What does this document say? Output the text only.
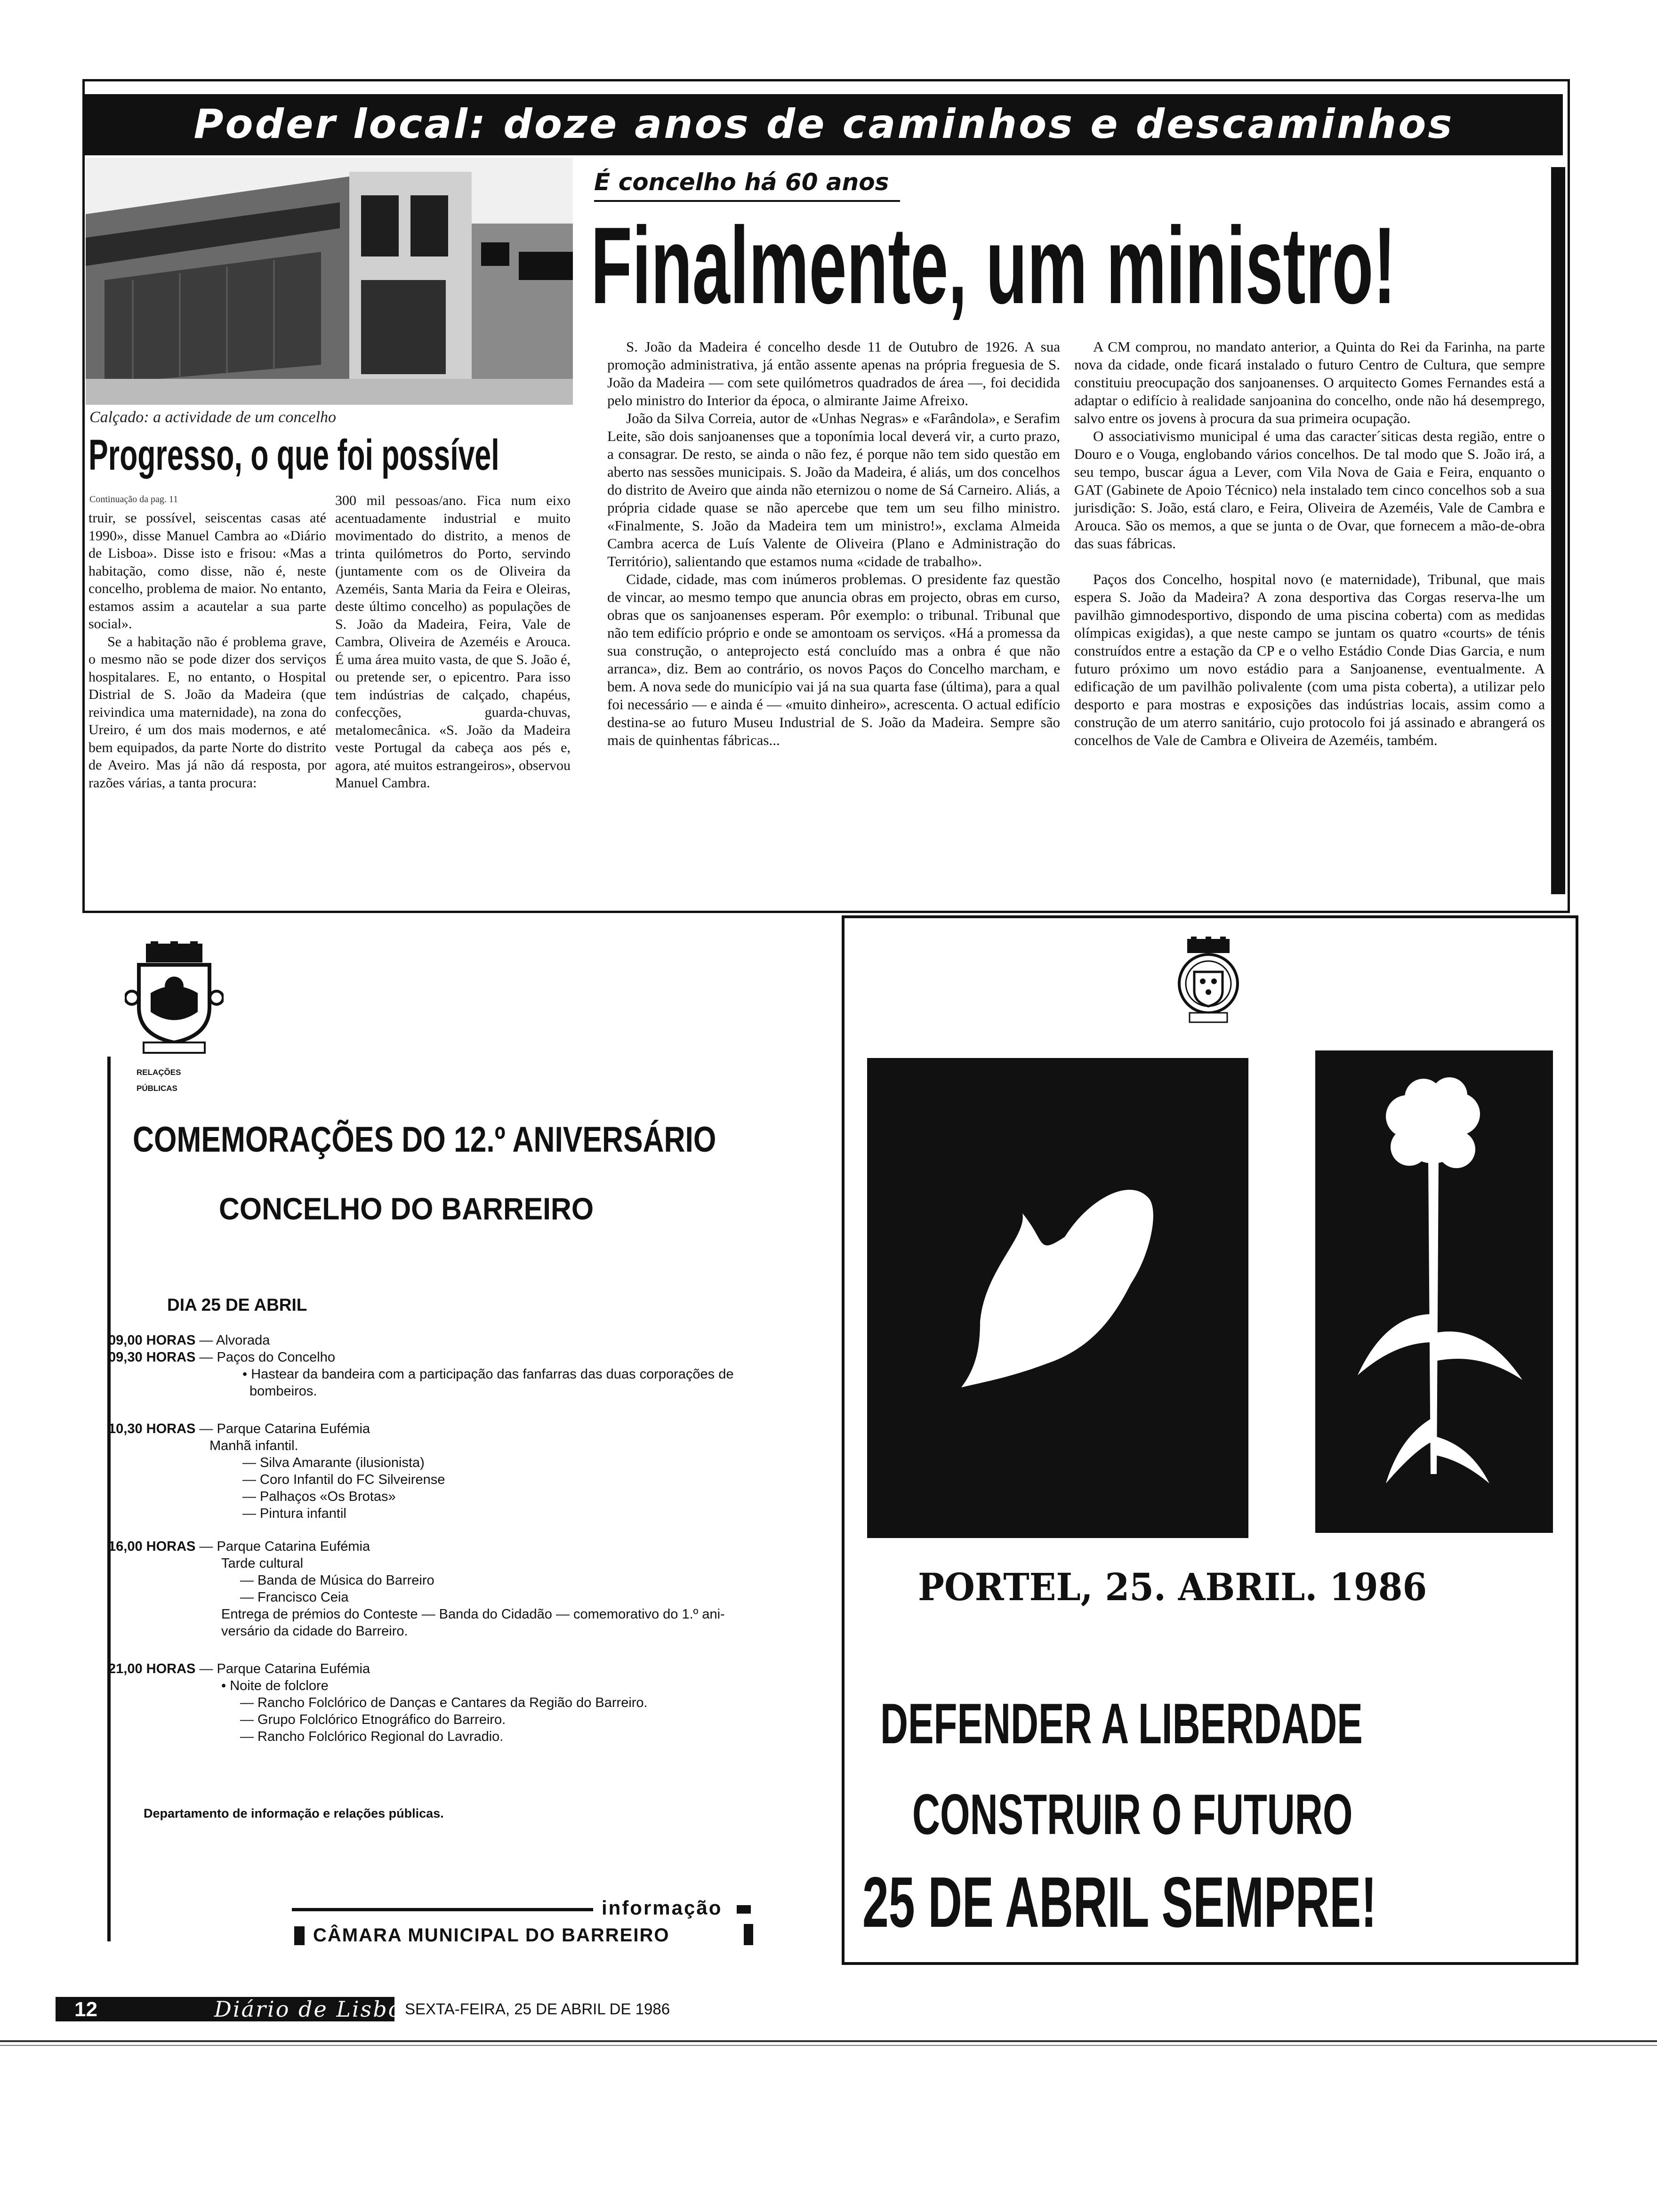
Poder local: doze anos de caminhos e descaminhos
Calçado: a actividade de um concelho
Progresso, o que foi possível
Continuação da pag. 11

truir, se possível, seiscentas casas até 1990», disse Manuel Cambra ao «Diário de Lisboa». Disse isto e frisou: «Mas a habitação, como disse, não é, neste concelho, problema de maior. No entanto, estamos assim a acautelar a sua parte social».

Se a habitação não é problema grave, o mesmo não se pode dizer dos serviços hospitalares. E, no entanto, o Hospital Distrial de S. João da Madeira (que reivindica uma maternidade), na zona do Ureiro, é um dos mais modernos, e até bem equipados, da parte Norte do distrito de Aveiro. Mas já não dá resposta, por razões várias, a tanta procura:

300 mil pessoas/ano. Fica num eixo acentuadamente industrial e muito movimentado do distrito, a menos de trinta quilómetros do Porto, servindo (juntamente com os de Oliveira da Azeméis, Santa Maria da Feira e Oleiras, deste último concelho) as populações de S. João da Madeira, Feira, Vale de Cambra, Oliveira de Azeméis e Arouca. É uma área muito vasta, de que S. João é, ou pretende ser, o epicentro. Para isso tem indústrias de calçado, chapéus, confecções, guarda-chuvas, metalomecânica. «S. João da Madeira veste Portugal da cabeça aos pés e, agora, até muitos estrangeiros», observou Manuel Cambra.

É concelho há 60 anos
Finalmente, um ministro!

S. João da Madeira é concelho desde 11 de Outubro de 1926. A sua promoção administrativa, já então assente apenas na própria freguesia de S. João da Madeira — com sete quilómetros quadrados de área —, foi decidida pelo ministro do Interior da época, o almirante Jaime Afreixo.

João da Silva Correia, autor de «Unhas Negras» e «Farândola», e Serafim Leite, são dois sanjoanenses que a toponímia local deverá vir, a curto prazo, a consagrar. De resto, se ainda o não fez, é porque não tem sido questão em aberto nas sessões municipais. S. João da Madeira, é aliás, um dos concelhos do distrito de Aveiro que ainda não eternizou o nome de Sá Carneiro. Aliás, a própria cidade quase se não apercebe que tem um seu filho ministro. «Finalmente, S. João da Madeira tem um ministro!», exclama Almeida Cambra acerca de Luís Valente de Oliveira (Plano e Administração do Território), salientando que estamos numa «cidade de trabalho».

Cidade, cidade, mas com inúmeros problemas. O presidente faz questão de vincar, ao mesmo tempo que anuncia obras em projecto, obras em curso, obras que os sanjoanenses esperam. Pôr exemplo: o tribunal. Tribunal que não tem edifício próprio e onde se amontoam os serviços. «Há a promessa da sua construção, o anteprojecto está concluído mas a onbra é que não arranca», diz. Bem ao contrário, os novos Paços do Concelho marcham, e bem. A nova sede do município vai já na sua quarta fase (última), para a qual foi necessário — e ainda é — «muito dinheiro», acrescenta. O actual edifício destina-se ao futuro Museu Industrial de S. João da Madeira. Sempre são mais de quinhentas fábricas...

A CM comprou, no mandato anterior, a Quinta do Rei da Farinha, na parte nova da cidade, onde ficará instalado o futuro Centro de Cultura, que sempre constituiu preocupação dos sanjoanenses. O arquitecto Gomes Fernandes está a adaptar o edifício à realidade sanjoanina do concelho, onde não há desemprego, salvo entre os jovens à procura da sua primeira ocupação.

O associativismo municipal é uma das caracter´siticas desta região, entre o Douro e o Vouga, englobando vários concelhos. De tal modo que S. João irá, a seu tempo, buscar água a Lever, com Vila Nova de Gaia e Feira, enquanto o GAT (Gabinete de Apoio Técnico) nela instalado tem cinco concelhos sob a sua jurisdição: S. João, está claro, e Feira, Oliveira de Azeméis, Vale de Cambra e Arouca. São os memos, a que se junta o de Ovar, que fornecem a mão-de-obra das suas fábricas.

Paços dos Concelho, hospital novo (e maternidade), Tribunal, que mais espera S. João da Madeira? A zona desportiva das Corgas reserva-lhe um pavilhão gimnodesportivo, dispondo de uma piscina coberta) com as medidas olímpicas exigidas), a que neste campo se juntam os quatro «courts» de ténis construídos entre a estação da CP e o velho Estádio Conde Dias Garcia, e num futuro próximo um novo estádio para a Sanjoanense, eventualmente. A edificação de um pavilhão polivalente (com uma pista coberta), a utilizar pelo desporto e para mostras e exposições das indústrias locais, assim como a construção de um aterro sanitário, cujo protocolo foi já assinado e abrangerá os concelhos de Vale de Cambra e Oliveira de Azeméis, também.

RELAÇÕES
PÚBLICAS
COMEMORAÇÕES DO 12.º ANIVERSÁRIO
CONCELHO DO BARREIRO
DIA 25 DE ABRIL
09,00 HORAS — Alvorada
09,30 HORAS — Paços do Concelho
• Hastear da bandeira com a participação das fanfarras das duas corporações de
bombeiros.
10,30 HORAS — Parque Catarina Eufémia
Manhã infantil.
— Silva Amarante (ilusionista)
— Coro Infantil do FC Silveirense
— Palhaços «Os Brotas»
— Pintura infantil
16,00 HORAS — Parque Catarina Eufémia
Tarde cultural
— Banda de Música do Barreiro
— Francisco Ceia
Entrega de prémios do Conteste — Banda do Cidadão — comemorativo do 1.º ani-
versário da cidade do Barreiro.
21,00 HORAS — Parque Catarina Eufémia
• Noite de folclore
— Rancho Folclórico de Danças e Cantares da Região do Barreiro.
— Grupo Folclórico Etnográfico do Barreiro.
— Rancho Folclórico Regional do Lavradio.
Departamento de informação e relações públicas.
informação
CÂMARA MUNICIPAL DO BARREIRO
PORTEL, 25. ABRIL. 1986
DEFENDER A LIBERDADE
CONSTRUIR O FUTURO
25 DE ABRIL SEMPRE!
12	Diário de Lisboa
SEXTA-FEIRA, 25 DE ABRIL DE 1986
